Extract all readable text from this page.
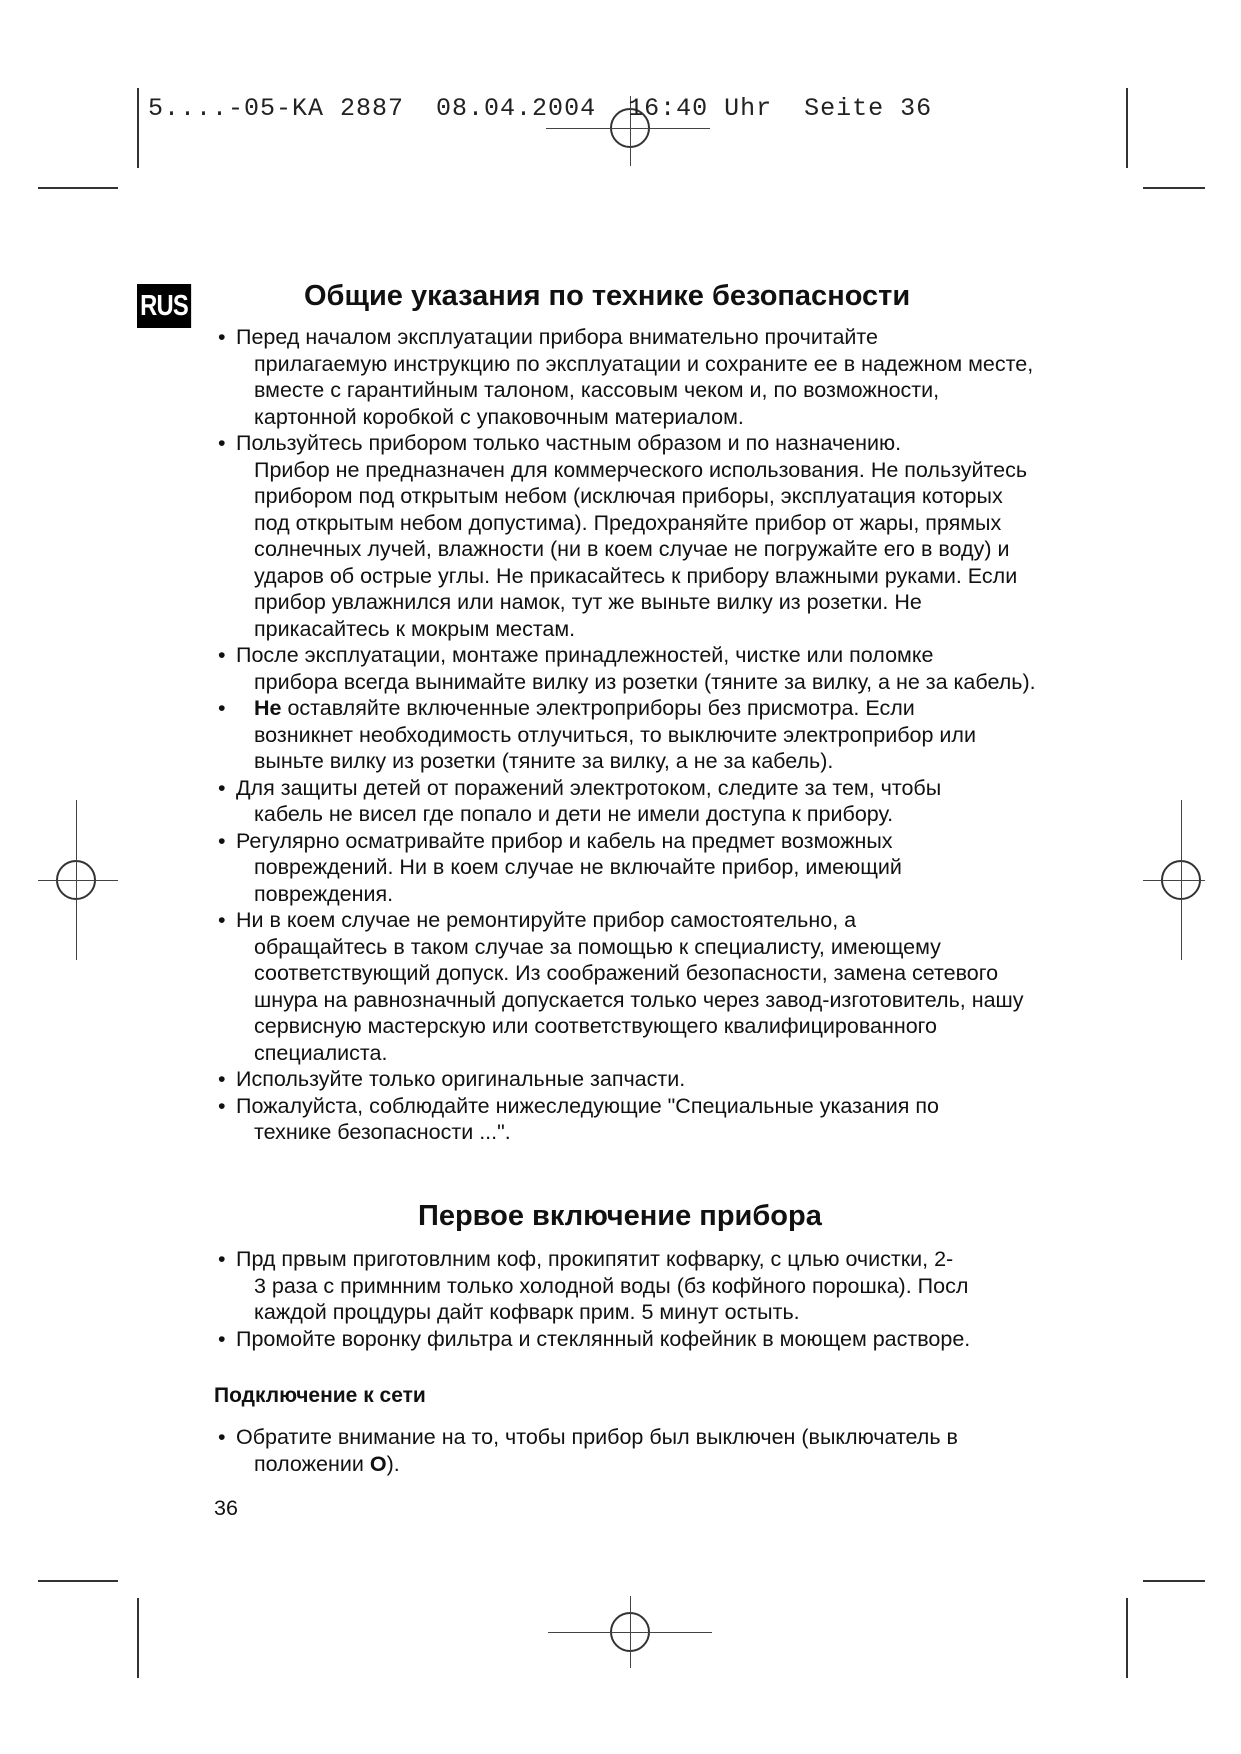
5....-05-KA 2887  08.04.2004  16:40 Uhr  Seite 36
RUS	Общие указания по технике безопасности

• Перед началом эксплуатации прибора внимательно прочитайте
прилагаемую инструкцию по эксплуатации и сохраните ее в надежном месте, вместе с гарантийным талоном, кассовым чеком и, по возможности, картонной коробкой с упаковочным материалом.

• Пользуйтесь прибором только частным образом и по назначению.
Прибор не предназначен для коммерческого использования. Не пользуйтесь прибором под открытым небом (исключая приборы, эксплуатация которых под открытым небом допустима). Предохраняйте прибор от жары, прямых солнечных лучей, влажности (ни в коем случае не погружайте его в воду) и ударов об острые углы. Не прикасайтесь к прибору влажными руками. Если прибор увлажнился или намок, тут же выньте вилку из розетки. Не прикасайтесь к мокрым местам.

• После эксплуатации, монтаже принадлежностей, чистке или поломке
прибора всегда вынимайте вилку из розетки (тяните за вилку, а не за кабель).

• Не оставляйте включенные электроприборы без присмотра. Если
возникнет необходимость отлучиться, то выключите электроприбор или выньте вилку из розетки (тяните за вилку, а не за кабель).

• Для защиты детей от поражений электротоком, следите за тем, чтобы
кабель не висел где попало и дети не имели доступа к прибору.

• Регулярно осматривайте прибор и кабель на предмет возможных
повреждений. Ни в коем случае не включайте прибор, имеющий повреждения.

• Ни в коем случае не ремонтируйте прибор самостоятельно, а
обращайтесь в таком случае за помощью к специалисту, имеющему соответствующий допуск. Из соображений безопасности, замена сетевого шнура на равнозначный допускается только через завод-изготовитель, нашу сервисную мастерскую или соответствующего квалифицированного специалиста.

• Используйте только оригинальные запчасти.

• Пожалуйста, соблюдайте нижеследующие "Специальные указания по
технике безопасности ...".

Первое включение прибора

• Прд првым приготовлним коф, прокипятит кофварку, с цлью очистки, 2-
3 раза с примнним только холодной воды (бз кофйного порошка). Посл каждой процдуры дайт кофварк прим. 5 минут остыть.

• Промойте воронку фильтра и стеклянный кофейник в моющем растворе.

Подключение к сети

• Обратите внимание на то, чтобы прибор был выключен (выключатель в
положении O).

36
